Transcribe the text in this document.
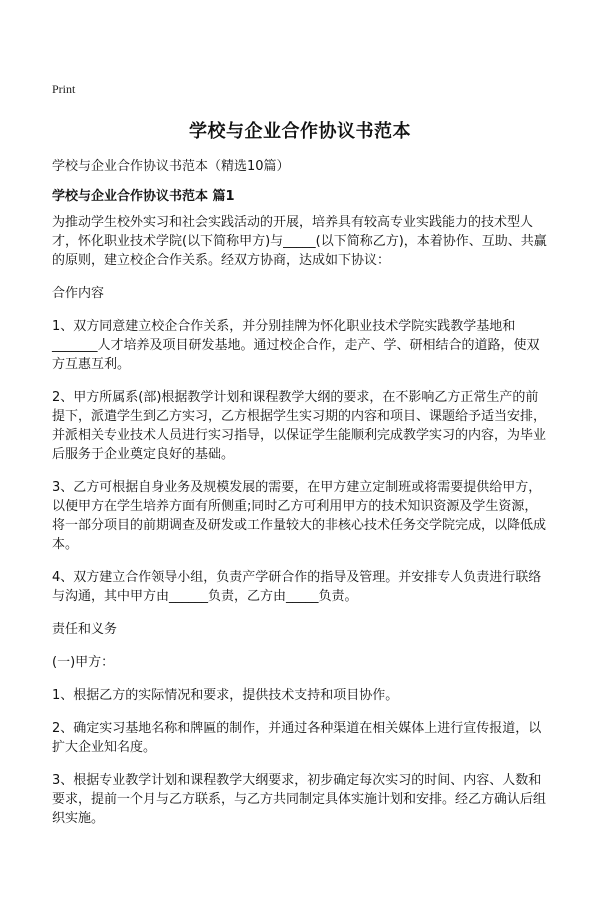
Print
学校与企业合作协议书范本
学校与企业合作协议书范本（精选10篇）
学校与企业合作协议书范本 篇1

为推动学生校外实习和社会实践活动的开展，培养具有较高专业实践能力的技术型人才，怀化职业技术学院(以下简称甲方)与_____(以下简称乙方)，本着协作、互助、共赢的原则，建立校企合作关系。经双方协商，达成如下协议：

合作内容

1、双方同意建立校企合作关系，并分别挂牌为怀化职业技术学院实践教学基地和_______人才培养及项目研发基地。通过校企合作，走产、学、研相结合的道路，使双方互惠互利。

2、甲方所属系(部)根据教学计划和课程教学大纲的要求，在不影响乙方正常生产的前提下，派遣学生到乙方实习，乙方根据学生实习期的内容和项目、课题给予适当安排，并派相关专业技术人员进行实习指导，以保证学生能顺利完成教学实习的内容，为毕业后服务于企业奠定良好的基础。

3、乙方可根据自身业务及规模发展的需要，在甲方建立定制班或将需要提供给甲方，以便甲方在学生培养方面有所侧重;同时乙方可利用甲方的技术知识资源及学生资源，将一部分项目的前期调查及研发或工作量较大的非核心技术任务交学院完成，以降低成本。

4、双方建立合作领导小组，负责产学研合作的指导及管理。并安排专人负责进行联络与沟通，其中甲方由______负责，乙方由_____负责。

责任和义务

(一)甲方：

1、根据乙方的实际情况和要求，提供技术支持和项目协作。

2、确定实习基地名称和牌匾的制作，并通过各种渠道在相关媒体上进行宣传报道，以扩大企业知名度。

3、根据专业教学计划和课程教学大纲要求，初步确定每次实习的时间、内容、人数和要求，提前一个月与乙方联系，与乙方共同制定具体实施计划和安排。经乙方确认后组织实施。
